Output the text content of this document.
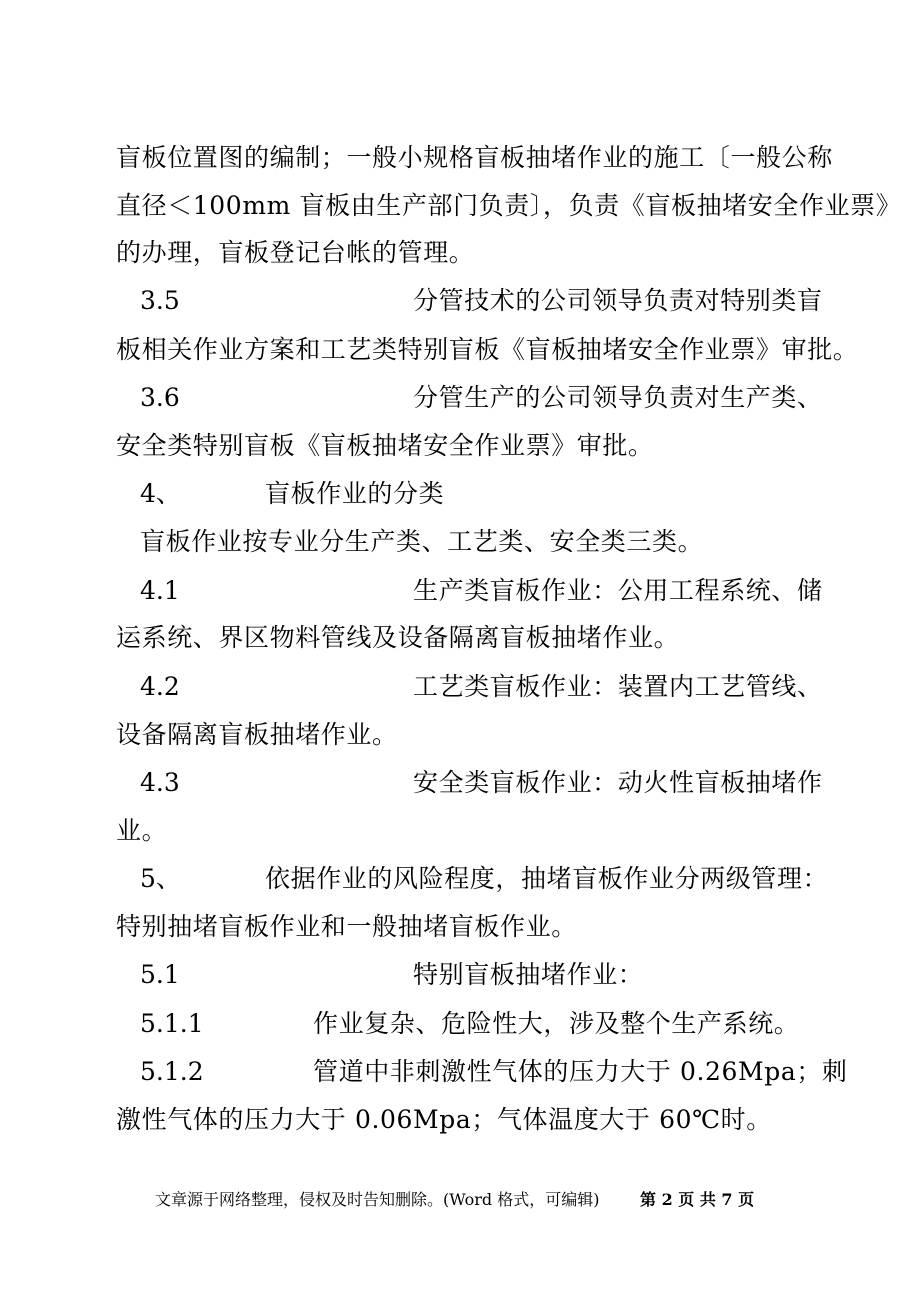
盲板位置图的编制；一般小规格盲板抽堵作业的施工〔一般公称
直径＜100mm 盲板由生产部门负责〕，负责《盲板抽堵安全作业票》
的办理，盲板登记台帐的管理。
3.5	分管技术的公司领导负责对特别类盲
板相关作业方案和工艺类特别盲板《盲板抽堵安全作业票》审批。
3.6	分管生产的公司领导负责对生产类、
安全类特别盲板《盲板抽堵安全作业票》审批。
4、	盲板作业的分类
盲板作业按专业分生产类、工艺类、安全类三类。
4.1	生产类盲板作业：公用工程系统、储
运系统、界区物料管线及设备隔离盲板抽堵作业。
4.2	工艺类盲板作业：装置内工艺管线、
设备隔离盲板抽堵作业。
4.3	安全类盲板作业：动火性盲板抽堵作
业。
5、	依据作业的风险程度，抽堵盲板作业分两级管理：
特别抽堵盲板作业和一般抽堵盲板作业。
5.1	特别盲板抽堵作业：
5.1.1	作业复杂、危险性大，涉及整个生产系统。
5.1.2	管道中非刺激性气体的压力大于 0.26Mpa；刺
激性气体的压力大于 0.06Mpa；气体温度大于 60℃时。
文章源于网络整理，侵权及时告知删除。(Word 格式，可编辑)	第 2 页 共 7 页
